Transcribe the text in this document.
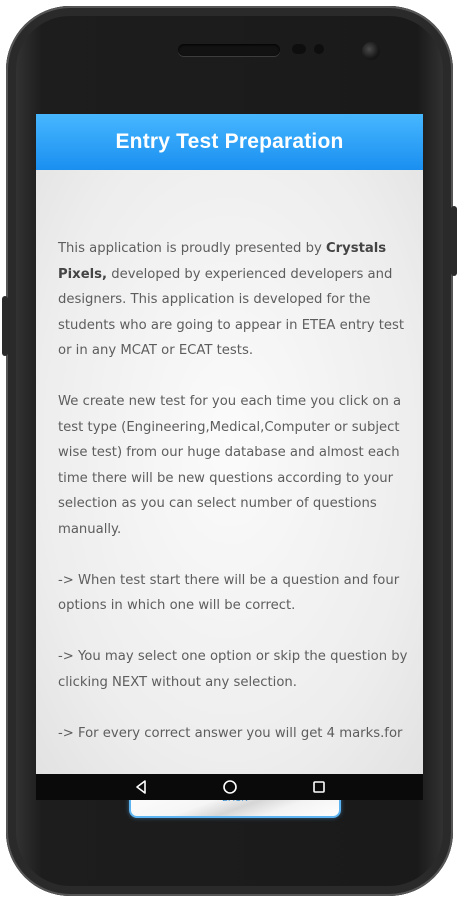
Entry Test Preparation

This application is proudly presented by Crystals Pixels, developed by experienced developers and designers. This application is developed for the students who are going to appear in ETEA entry test or in any MCAT or ECAT tests.

We create new test for you each time you click on a test type (Engineering,Medical,Computer or subject wise test) from our huge database and almost each time there will be new questions according to your selection as you can select number of questions manually.

-> When test start there will be a question and four options in which one will be correct.

-> You may select one option or skip the question by clicking NEXT without any selection.

-> For every correct answer you will get 4 marks.for
